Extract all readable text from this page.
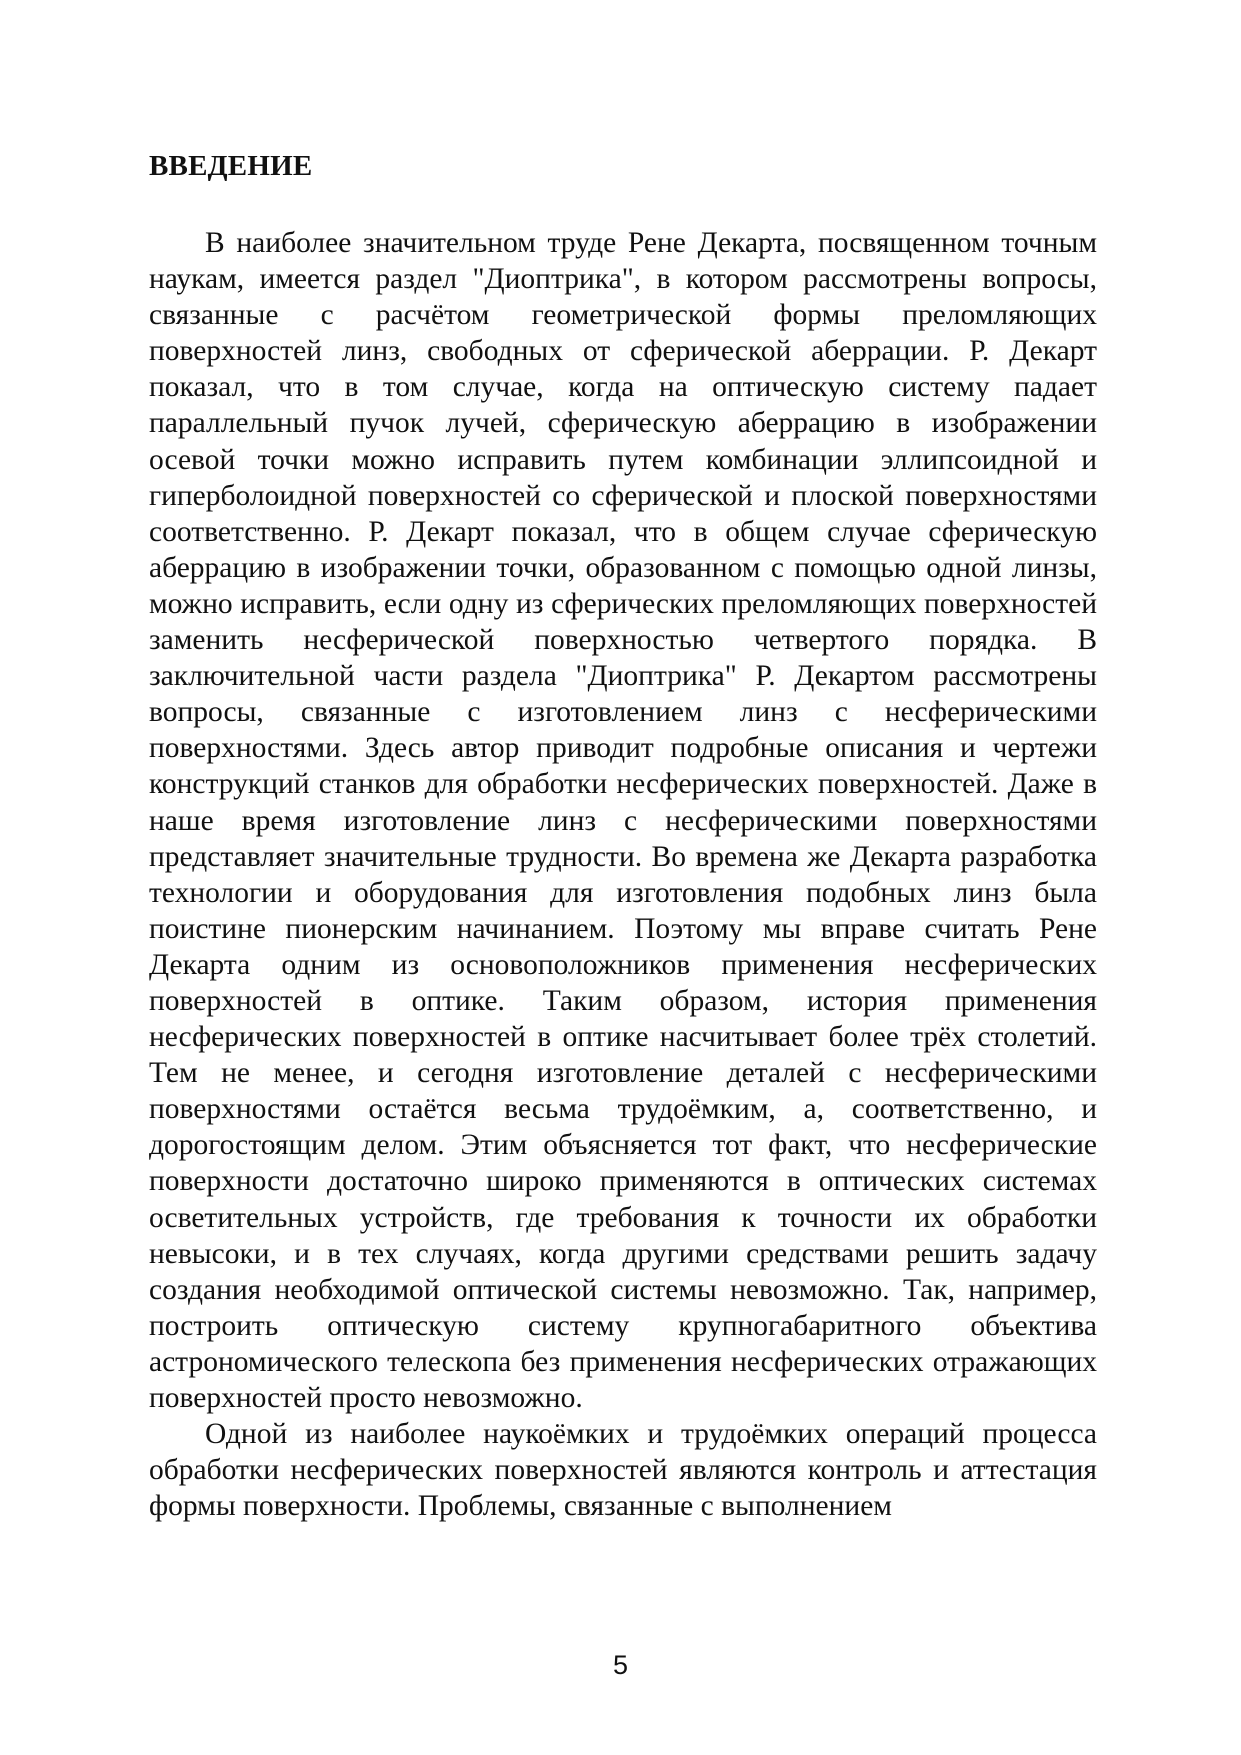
ВВЕДЕНИЕ

В наиболее значительном труде Рене Декарта, посвященном точным наукам, имеется раздел "Диоптрика", в котором рассмотрены вопросы, связанные с расчётом геометрической формы преломляющих поверхностей линз, свободных от сферической аберрации. Р. Декарт показал, что в том случае, когда на оптическую систему падает параллельный пучок лучей, сферическую аберрацию в изображении осевой точки можно исправить путем комбинации эллипсоидной и гиперболоидной поверхностей со сферической и плоской поверхностями соответственно. Р. Декарт показал, что в общем случае сферическую аберрацию в изображении точки, образованном с помощью одной линзы, можно исправить, если одну из сферических преломляющих поверхностей заменить несферической поверхностью четвертого порядка. В заключительной части раздела "Диоптрика" Р. Декартом рассмотрены вопросы, связанные с изготовлением линз с несферическими поверхностями. Здесь автор приводит подробные описания и чертежи конструкций станков для обработки несферических поверхностей. Даже в наше время изготовление линз с несферическими поверхностями представляет значительные трудности. Во времена же Декарта разработка технологии и оборудования для изготовления подобных линз была поистине пионерским начинанием. Поэтому мы вправе считать Рене Декарта одним из основоположников применения несферических поверхностей в оптике. Таким образом, история применения несферических поверхностей в оптике насчитывает более трёх столетий. Тем не менее, и сегодня изготовление деталей с несферическими поверхностями остаётся весьма трудоёмким, а, соответственно, и дорогостоящим делом. Этим объясняется тот факт, что несферические поверхности достаточно широко применяются в оптических системах осветительных устройств, где требования к точности их обработки невысоки, и в тех случаях, когда другими средствами решить задачу создания необходимой оптической системы невозможно. Так, например, построить оптическую систему крупногабаритного объектива астрономического телескопа без применения несферических отражающих поверхностей просто невозможно.

Одной из наиболее наукоёмких и трудоёмких операций процесса обработки несферических поверхностей являются контроль и аттестация формы поверхности. Проблемы, связанные с выполнением

5
